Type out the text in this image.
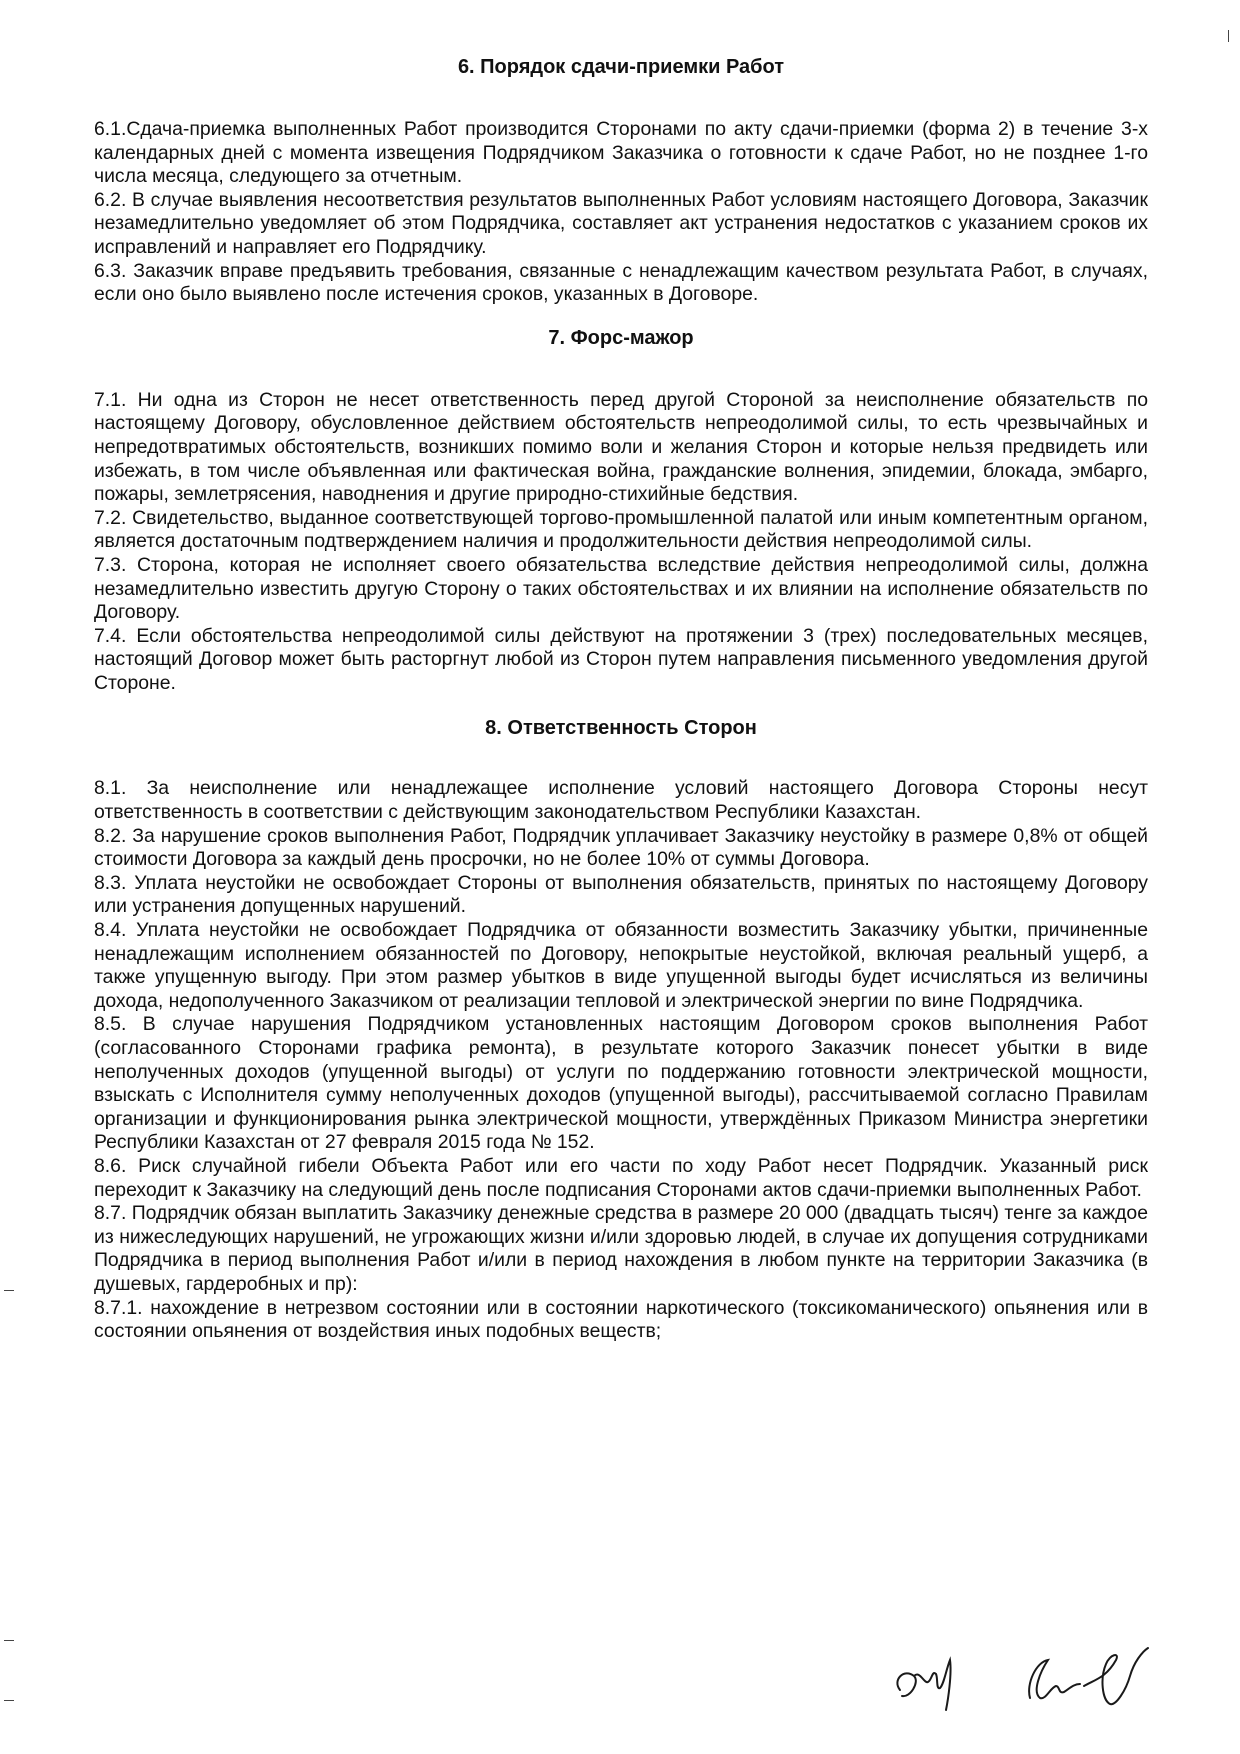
6. Порядок сдачи-приемки Работ

6.1.Сдача-приемка выполненных Работ производится Сторонами по акту сдачи-приемки (форма 2) в течение 3-х календарных дней с момента извещения Подрядчиком Заказчика о готовности к сдаче Работ, но не позднее 1-го числа месяца, следующего за отчетным.

6.2. В случае выявления несоответствия результатов выполненных Работ условиям настоящего Договора, Заказчик незамедлительно уведомляет об этом Подрядчика, составляет акт устранения недостатков с указанием сроков их исправлений и направляет его Подрядчику.

6.3. Заказчик вправе предъявить требования, связанные с ненадлежащим качеством результата Работ, в случаях, если оно было выявлено после истечения сроков, указанных в Договоре.

7. Форс-мажор

7.1. Ни одна из Сторон не несет ответственность перед другой Стороной за неисполнение обязательств по настоящему Договору, обусловленное действием обстоятельств непреодолимой силы, то есть чрезвычайных и непредотвратимых обстоятельств, возникших помимо воли и желания Сторон и которые нельзя предвидеть или избежать, в том числе объявленная или фактическая война, гражданские волнения, эпидемии, блокада, эмбарго, пожары, землетрясения, наводнения и другие природно-стихийные бедствия.

7.2. Свидетельство, выданное соответствующей торгово-промышленной палатой или иным компетентным органом, является достаточным подтверждением наличия и продолжительности действия непреодолимой силы.

7.3. Сторона, которая не исполняет своего обязательства вследствие действия непреодолимой силы, должна незамедлительно известить другую Сторону о таких обстоятельствах и их влиянии на исполнение обязательств по Договору.

7.4. Если обстоятельства непреодолимой силы действуют на протяжении 3 (трех) последовательных месяцев, настоящий Договор может быть расторгнут любой из Сторон путем направления письменного уведомления другой Стороне.

8. Ответственность Сторон

8.1. За неисполнение или ненадлежащее исполнение условий настоящего Договора Стороны несут ответственность в соответствии с действующим законодательством Республики Казахстан.

8.2. За нарушение сроков выполнения Работ, Подрядчик уплачивает Заказчику неустойку в размере 0,8% от общей стоимости Договора за каждый день просрочки, но не более 10% от суммы Договора.

8.3. Уплата неустойки не освобождает Стороны от выполнения обязательств, принятых по настоящему Договору или устранения допущенных нарушений.

8.4. Уплата неустойки не освобождает Подрядчика от обязанности возместить Заказчику убытки, причиненные ненадлежащим исполнением обязанностей по Договору, непокрытые неустойкой, включая реальный ущерб, а также упущенную выгоду. При этом размер убытков в виде упущенной выгоды будет исчисляться из величины дохода, недополученного Заказчиком от реализации тепловой и электрической энергии по вине Подрядчика.

8.5. В случае нарушения Подрядчиком установленных настоящим Договором сроков выполнения Работ (согласованного Сторонами графика ремонта), в результате которого Заказчик понесет убытки в виде неполученных доходов (упущенной выгоды) от услуги по поддержанию готовности электрической мощности, взыскать с Исполнителя сумму неполученных доходов (упущенной выгоды), рассчитываемой согласно Правилам организации и функционирования рынка электрической мощности, утверждённых Приказом Министра энергетики Республики Казахстан от 27 февраля 2015 года № 152.

8.6. Риск случайной гибели Объекта Работ или его части по ходу Работ несет Подрядчик. Указанный риск переходит к Заказчику на следующий день после подписания Сторонами актов сдачи-приемки выполненных Работ.

8.7. Подрядчик обязан выплатить Заказчику денежные средства в размере 20 000 (двадцать тысяч) тенге за каждое из нижеследующих нарушений, не угрожающих жизни и/или здоровью людей, в случае их допущения сотрудниками Подрядчика в период выполнения Работ и/или в период нахождения в любом пункте на территории Заказчика (в душевых, гардеробных и пр):

8.7.1. нахождение в нетрезвом состоянии или в состоянии наркотического (токсикоманического) опьянения или в состоянии опьянения от воздействия иных подобных веществ;
